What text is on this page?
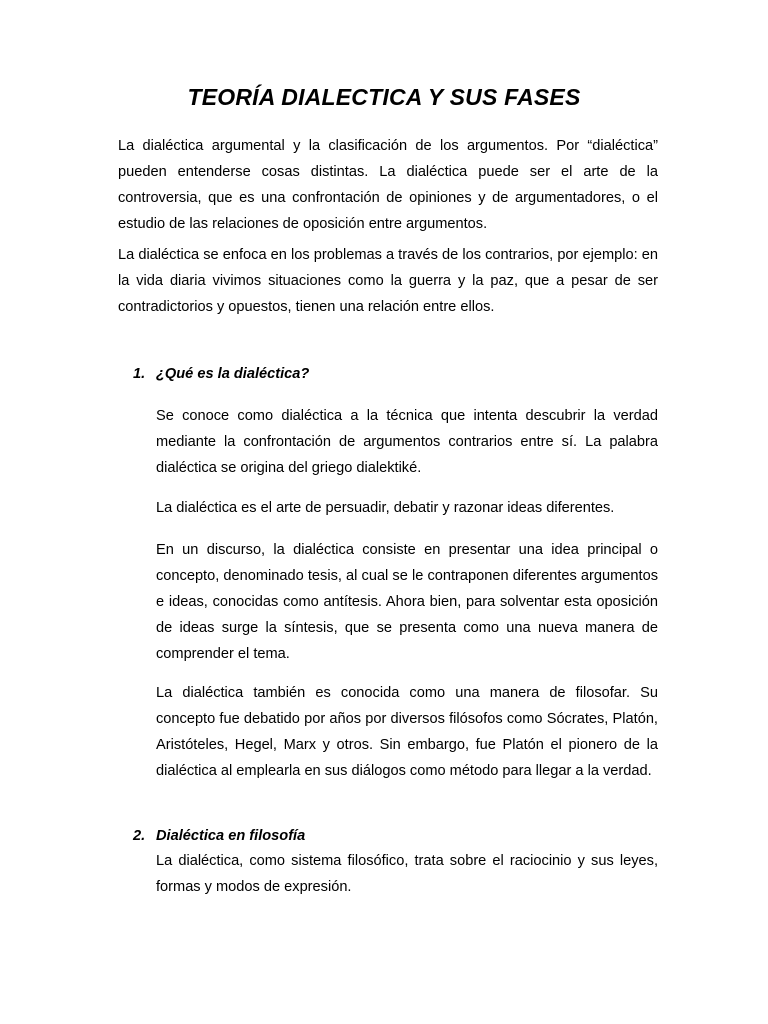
TEORÍA DIALECTICA Y SUS FASES

La dialéctica argumental y la clasificación de los argumentos. Por “dialéctica” pueden entenderse cosas distintas. La dialéctica puede ser el arte de la controversia, que es una confrontación de opiniones y de argumentadores, o el estudio de las relaciones de oposición entre argumentos.

La dialéctica se enfoca en los problemas a través de los contrarios, por ejemplo: en la vida diaria vivimos situaciones como la guerra y la paz, que a pesar de ser contradictorios y opuestos, tienen una relación entre ellos.

1. ¿Qué es la dialéctica?

Se conoce como dialéctica a la técnica que intenta descubrir la verdad mediante la confrontación de argumentos contrarios entre sí. La palabra dialéctica se origina del griego dialektiké.

La dialéctica es el arte de persuadir, debatir y razonar ideas diferentes.

En un discurso, la dialéctica consiste en presentar una idea principal o concepto, denominado tesis, al cual se le contraponen diferentes argumentos e ideas, conocidas como antítesis. Ahora bien, para solventar esta oposición de ideas surge la síntesis, que se presenta como una nueva manera de comprender el tema.

La dialéctica también es conocida como una manera de filosofar. Su concepto fue debatido por años por diversos filósofos como Sócrates, Platón, Aristóteles, Hegel, Marx y otros. Sin embargo, fue Platón el pionero de la dialéctica al emplearla en sus diálogos como método para llegar a la verdad.

2. Dialéctica en filosofía

La dialéctica, como sistema filosófico, trata sobre el raciocinio y sus leyes, formas y modos de expresión.
